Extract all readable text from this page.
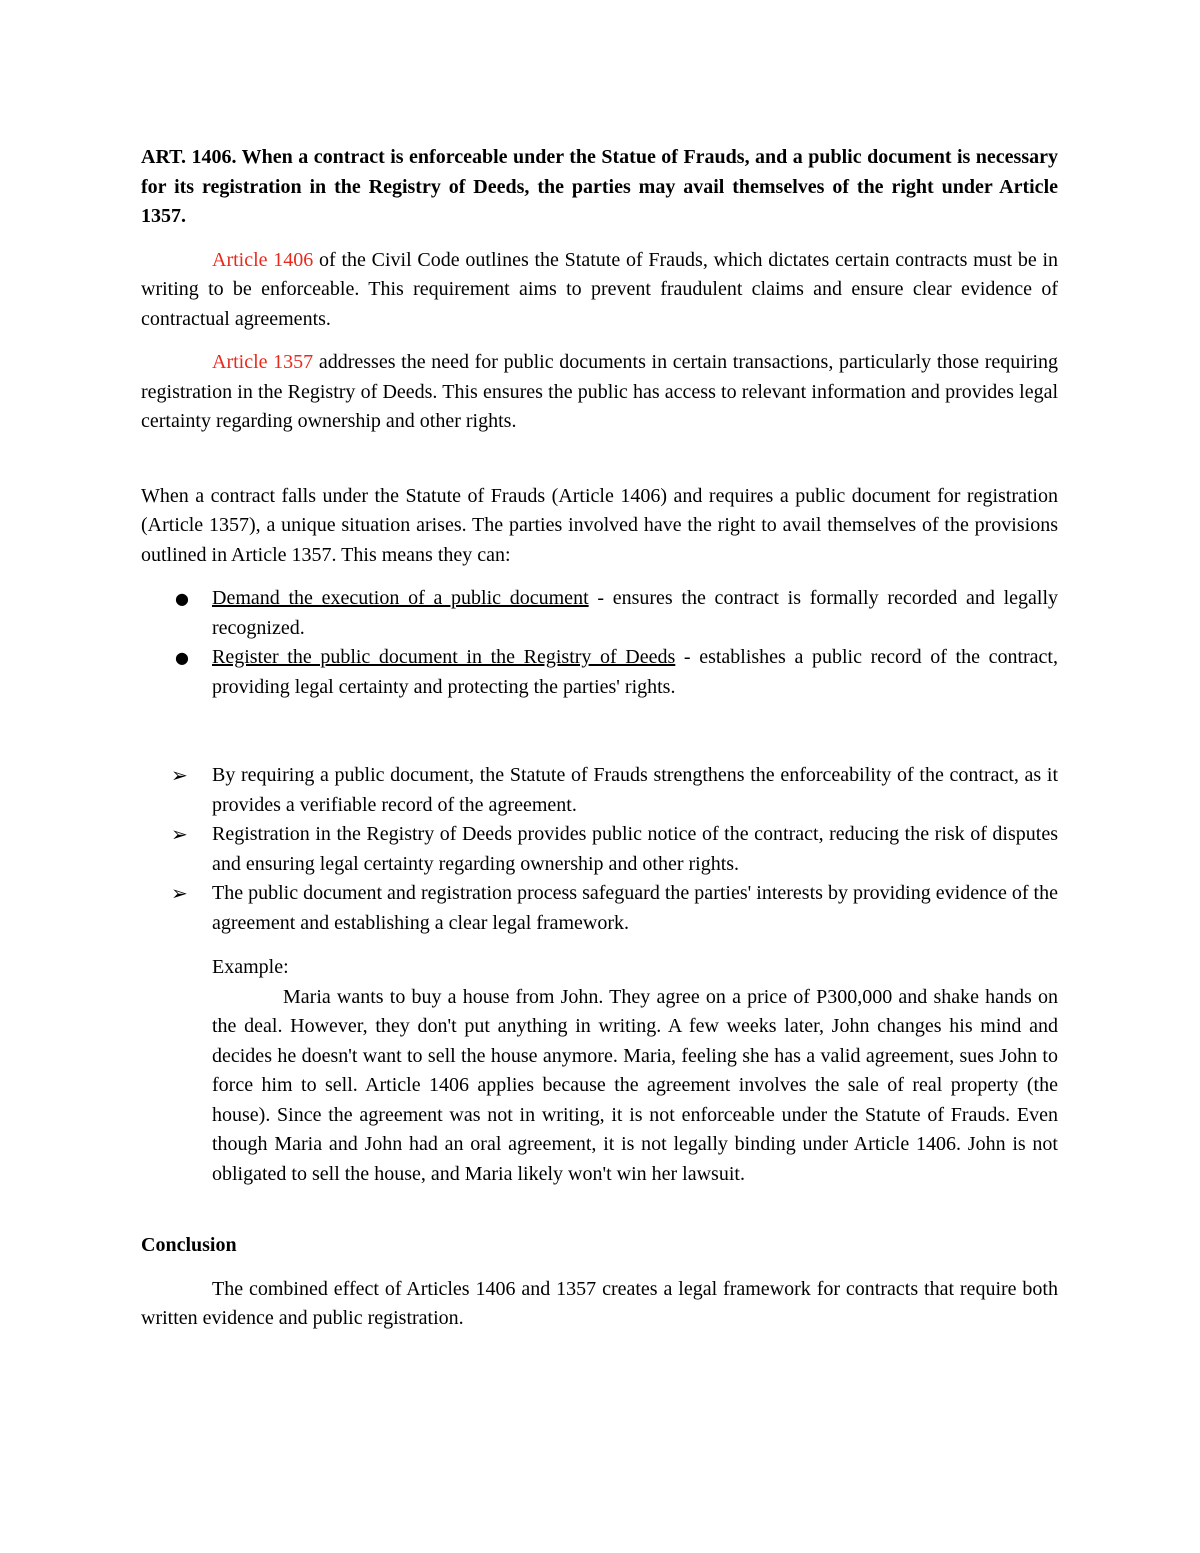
ART. 1406. When a contract is enforceable under the Statue of Frauds, and a public document is necessary for its registration in the Registry of Deeds, the parties may avail themselves of the right under Article 1357.

Article 1406 of the Civil Code outlines the Statute of Frauds, which dictates certain contracts must be in writing to be enforceable. This requirement aims to prevent fraudulent claims and ensure clear evidence of contractual agreements.

Article 1357 addresses the need for public documents in certain transactions, particularly those requiring registration in the Registry of Deeds. This ensures the public has access to relevant information and provides legal certainty regarding ownership and other rights.

When a contract falls under the Statute of Frauds (Article 1406) and requires a public document for registration (Article 1357), a unique situation arises. The parties involved have the right to avail themselves of the provisions outlined in Article 1357. This means they can:

● Demand the execution of a public document - ensures the contract is formally recorded and legally recognized.
● Register the public document in the Registry of Deeds - establishes a public record of the contract, providing legal certainty and protecting the parties' rights.
➢ By requiring a public document, the Statute of Frauds strengthens the enforceability of the contract, as it provides a verifiable record of the agreement.
➢ Registration in the Registry of Deeds provides public notice of the contract, reducing the risk of disputes and ensuring legal certainty regarding ownership and other rights.
➢ The public document and registration process safeguard the parties' interests by providing evidence of the agreement and establishing a clear legal framework.

Example:

Maria wants to buy a house from John. They agree on a price of P300,000 and shake hands on the deal. However, they don't put anything in writing. A few weeks later, John changes his mind and decides he doesn't want to sell the house anymore. Maria, feeling she has a valid agreement, sues John to force him to sell. Article 1406 applies because the agreement involves the sale of real property (the house). Since the agreement was not in writing, it is not enforceable under the Statute of Frauds. Even though Maria and John had an oral agreement, it is not legally binding under Article 1406. John is not obligated to sell the house, and Maria likely won't win her lawsuit.

Conclusion

The combined effect of Articles 1406 and 1357 creates a legal framework for contracts that require both written evidence and public registration.
